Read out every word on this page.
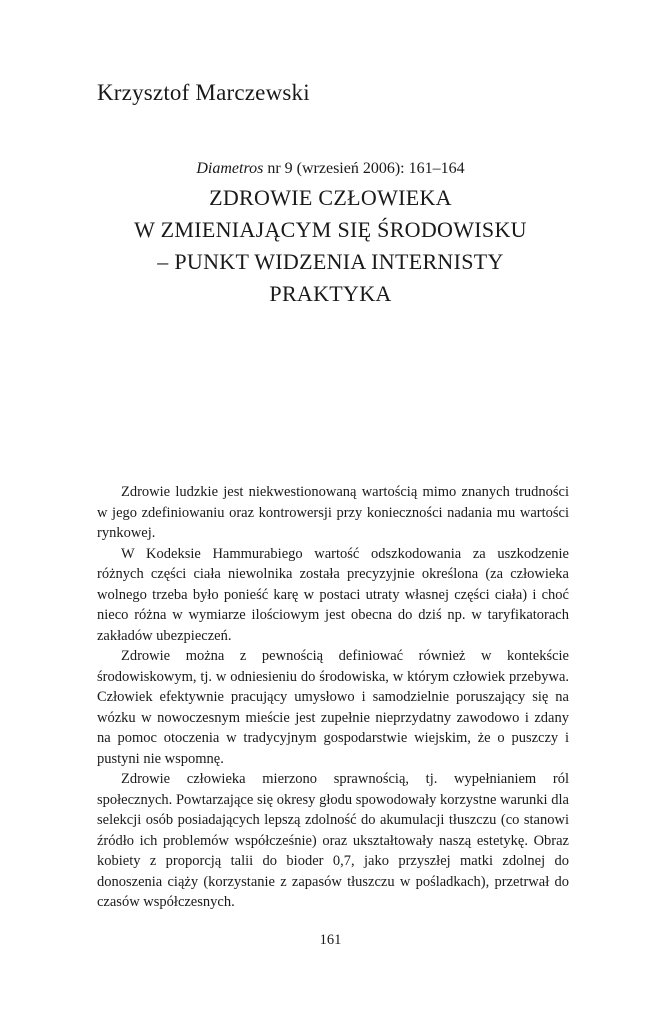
Krzysztof Marczewski
Diametros nr 9 (wrzesień 2006): 161–164
ZDROWIE CZŁOWIEKA
W ZMIENIAJĄCYM SIĘ ŚRODOWISKU
– PUNKT WIDZENIA INTERNISTY
PRAKTYKA

Zdrowie ludzkie jest niekwestionowaną wartością mimo znanych trudności w jego zdefiniowaniu oraz kontrowersji przy konieczności nadania mu wartości rynkowej.

W Kodeksie Hammurabiego wartość odszkodowania za uszkodzenie różnych części ciała niewolnika została precyzyjnie określona (za człowieka wolnego trzeba było ponieść karę w postaci utraty własnej części ciała) i choć nieco różna w wymiarze ilościowym jest obecna do dziś np. w taryfikatorach zakładów ubezpieczeń.

Zdrowie można z pewnością definiować również w kontekście środowiskowym, tj. w odniesieniu do środowiska, w którym człowiek przebywa. Człowiek efektywnie pracujący umysłowo i samodzielnie poruszający się na wózku w nowoczesnym mieście jest zupełnie nieprzydatny zawodowo i zdany na pomoc otoczenia w tradycyjnym gospodarstwie wiejskim, że o puszczy i pustyni nie wspomnę.

Zdrowie człowieka mierzono sprawnością, tj. wypełnianiem ról społecznych. Powtarzające się okresy głodu spowodowały korzystne warunki dla selekcji osób posiadających lepszą zdolność do akumulacji tłuszczu (co stanowi źródło ich problemów współcześnie) oraz ukształtowały naszą estetykę. Obraz kobiety z proporcją talii do bioder 0,7, jako przyszłej matki zdolnej do donoszenia ciąży (korzystanie z zapasów tłuszczu w pośladkach), przetrwał do czasów współczesnych.

161
